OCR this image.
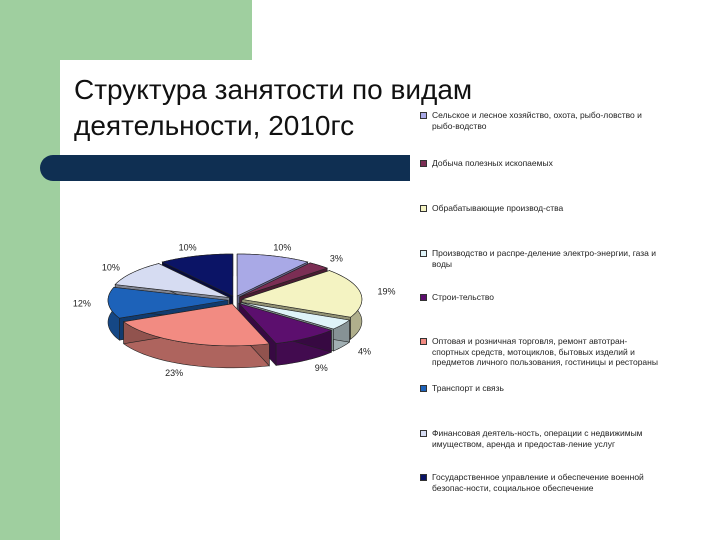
Структура занятости по видам
деятельности, 2010гс
10%
3%
19%
4%
9%
23%
12%
10%
10%
Сельское и лесное хозяйство, охота, рыбо-ловство и рыбо-водство
Добыча полезных ископаемых
Обрабатывающие производ-ства
Производство и распре-деление электро-энергии, газа и воды
Строи-тельство
Оптовая и розничная торговля, ремонт автотран-спортных средств, мотоциклов, бытовых изделий и предметов личного пользования, гостиницы и рестораны
Транспорт и связь
Финансовая деятель-ность, операции с недвижимым имуществом, аренда и предостав-ление услуг
Государственное управление и обеспечение военной безопас-ности, социальное обеспечение
